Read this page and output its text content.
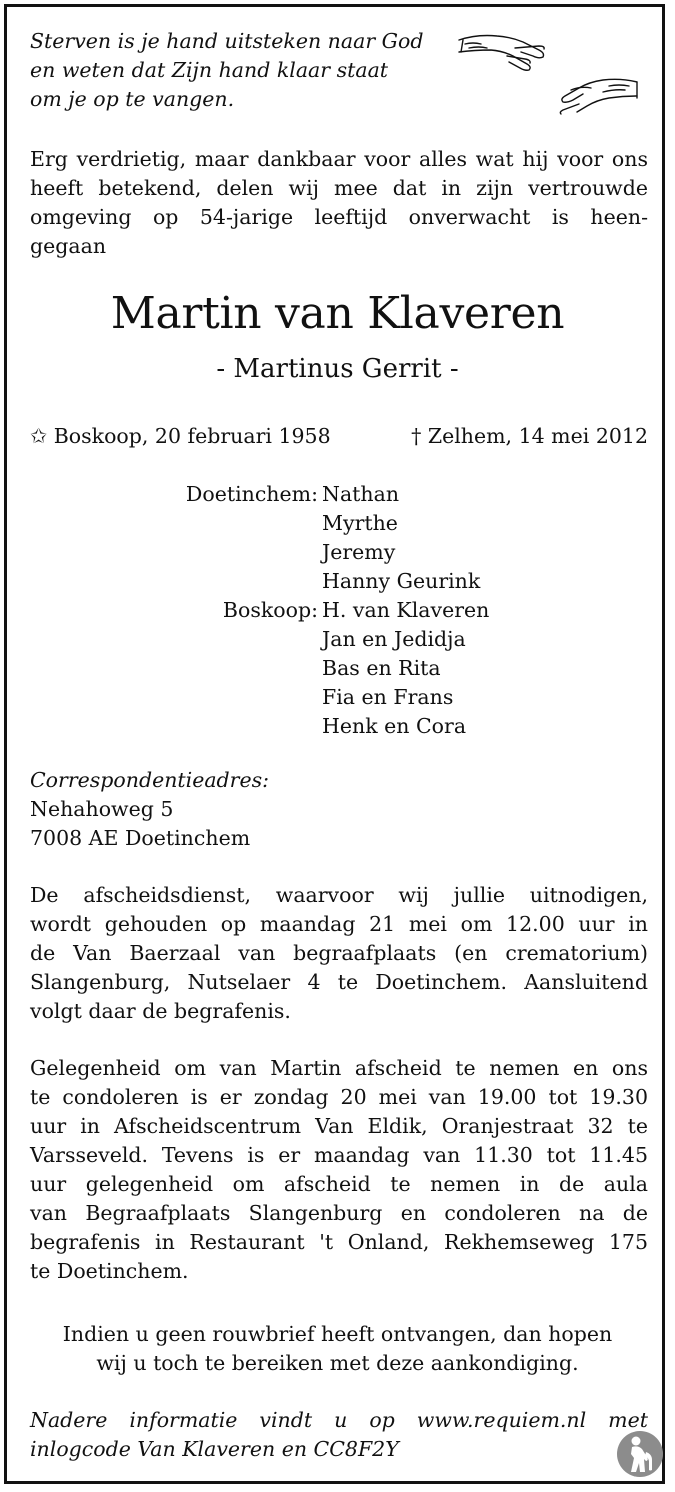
Sterven is je hand uitsteken naar God
en weten dat Zijn hand klaar staat
om je op te vangen.
Erg verdrietig, maar dankbaar voor alles wat hij voor ons
heeft betekend, delen wij mee dat in zijn vertrouwde
omgeving op 54-jarige leeftijd onverwacht is heen-
gegaan
Martin van Klaveren
- Martinus Gerrit -
✩ Boskoop, 20 februari 1958	† Zelhem, 14 mei 2012
Doetinchem: Nathan
Myrthe
Jeremy
Hanny Geurink
Boskoop: H. van Klaveren
Jan en Jedidja
Bas en Rita
Fia en Frans
Henk en Cora
Correspondentieadres:
Nehahoweg 5
7008 AE Doetinchem
De afscheidsdienst, waarvoor wij jullie uitnodigen,
wordt gehouden op maandag 21 mei om 12.00 uur in
de Van Baerzaal van begraafplaats (en crematorium)
Slangenburg, Nutselaer 4 te Doetinchem. Aansluitend
volgt daar de begrafenis.
Gelegenheid om van Martin afscheid te nemen en ons
te condoleren is er zondag 20 mei van 19.00 tot 19.30
uur in Afscheidscentrum Van Eldik, Oranjestraat 32 te
Varsseveld. Tevens is er maandag van 11.30 tot 11.45
uur gelegenheid om afscheid te nemen in de aula
van Begraafplaats Slangenburg en condoleren na de
begrafenis in Restaurant 't Onland, Rekhemseweg 175
te Doetinchem.
Indien u geen rouwbrief heeft ontvangen, dan hopen
wij u toch te bereiken met deze aankondiging.
Nadere informatie vindt u op www.requiem.nl met
inlogcode Van Klaveren en CC8F2Y
